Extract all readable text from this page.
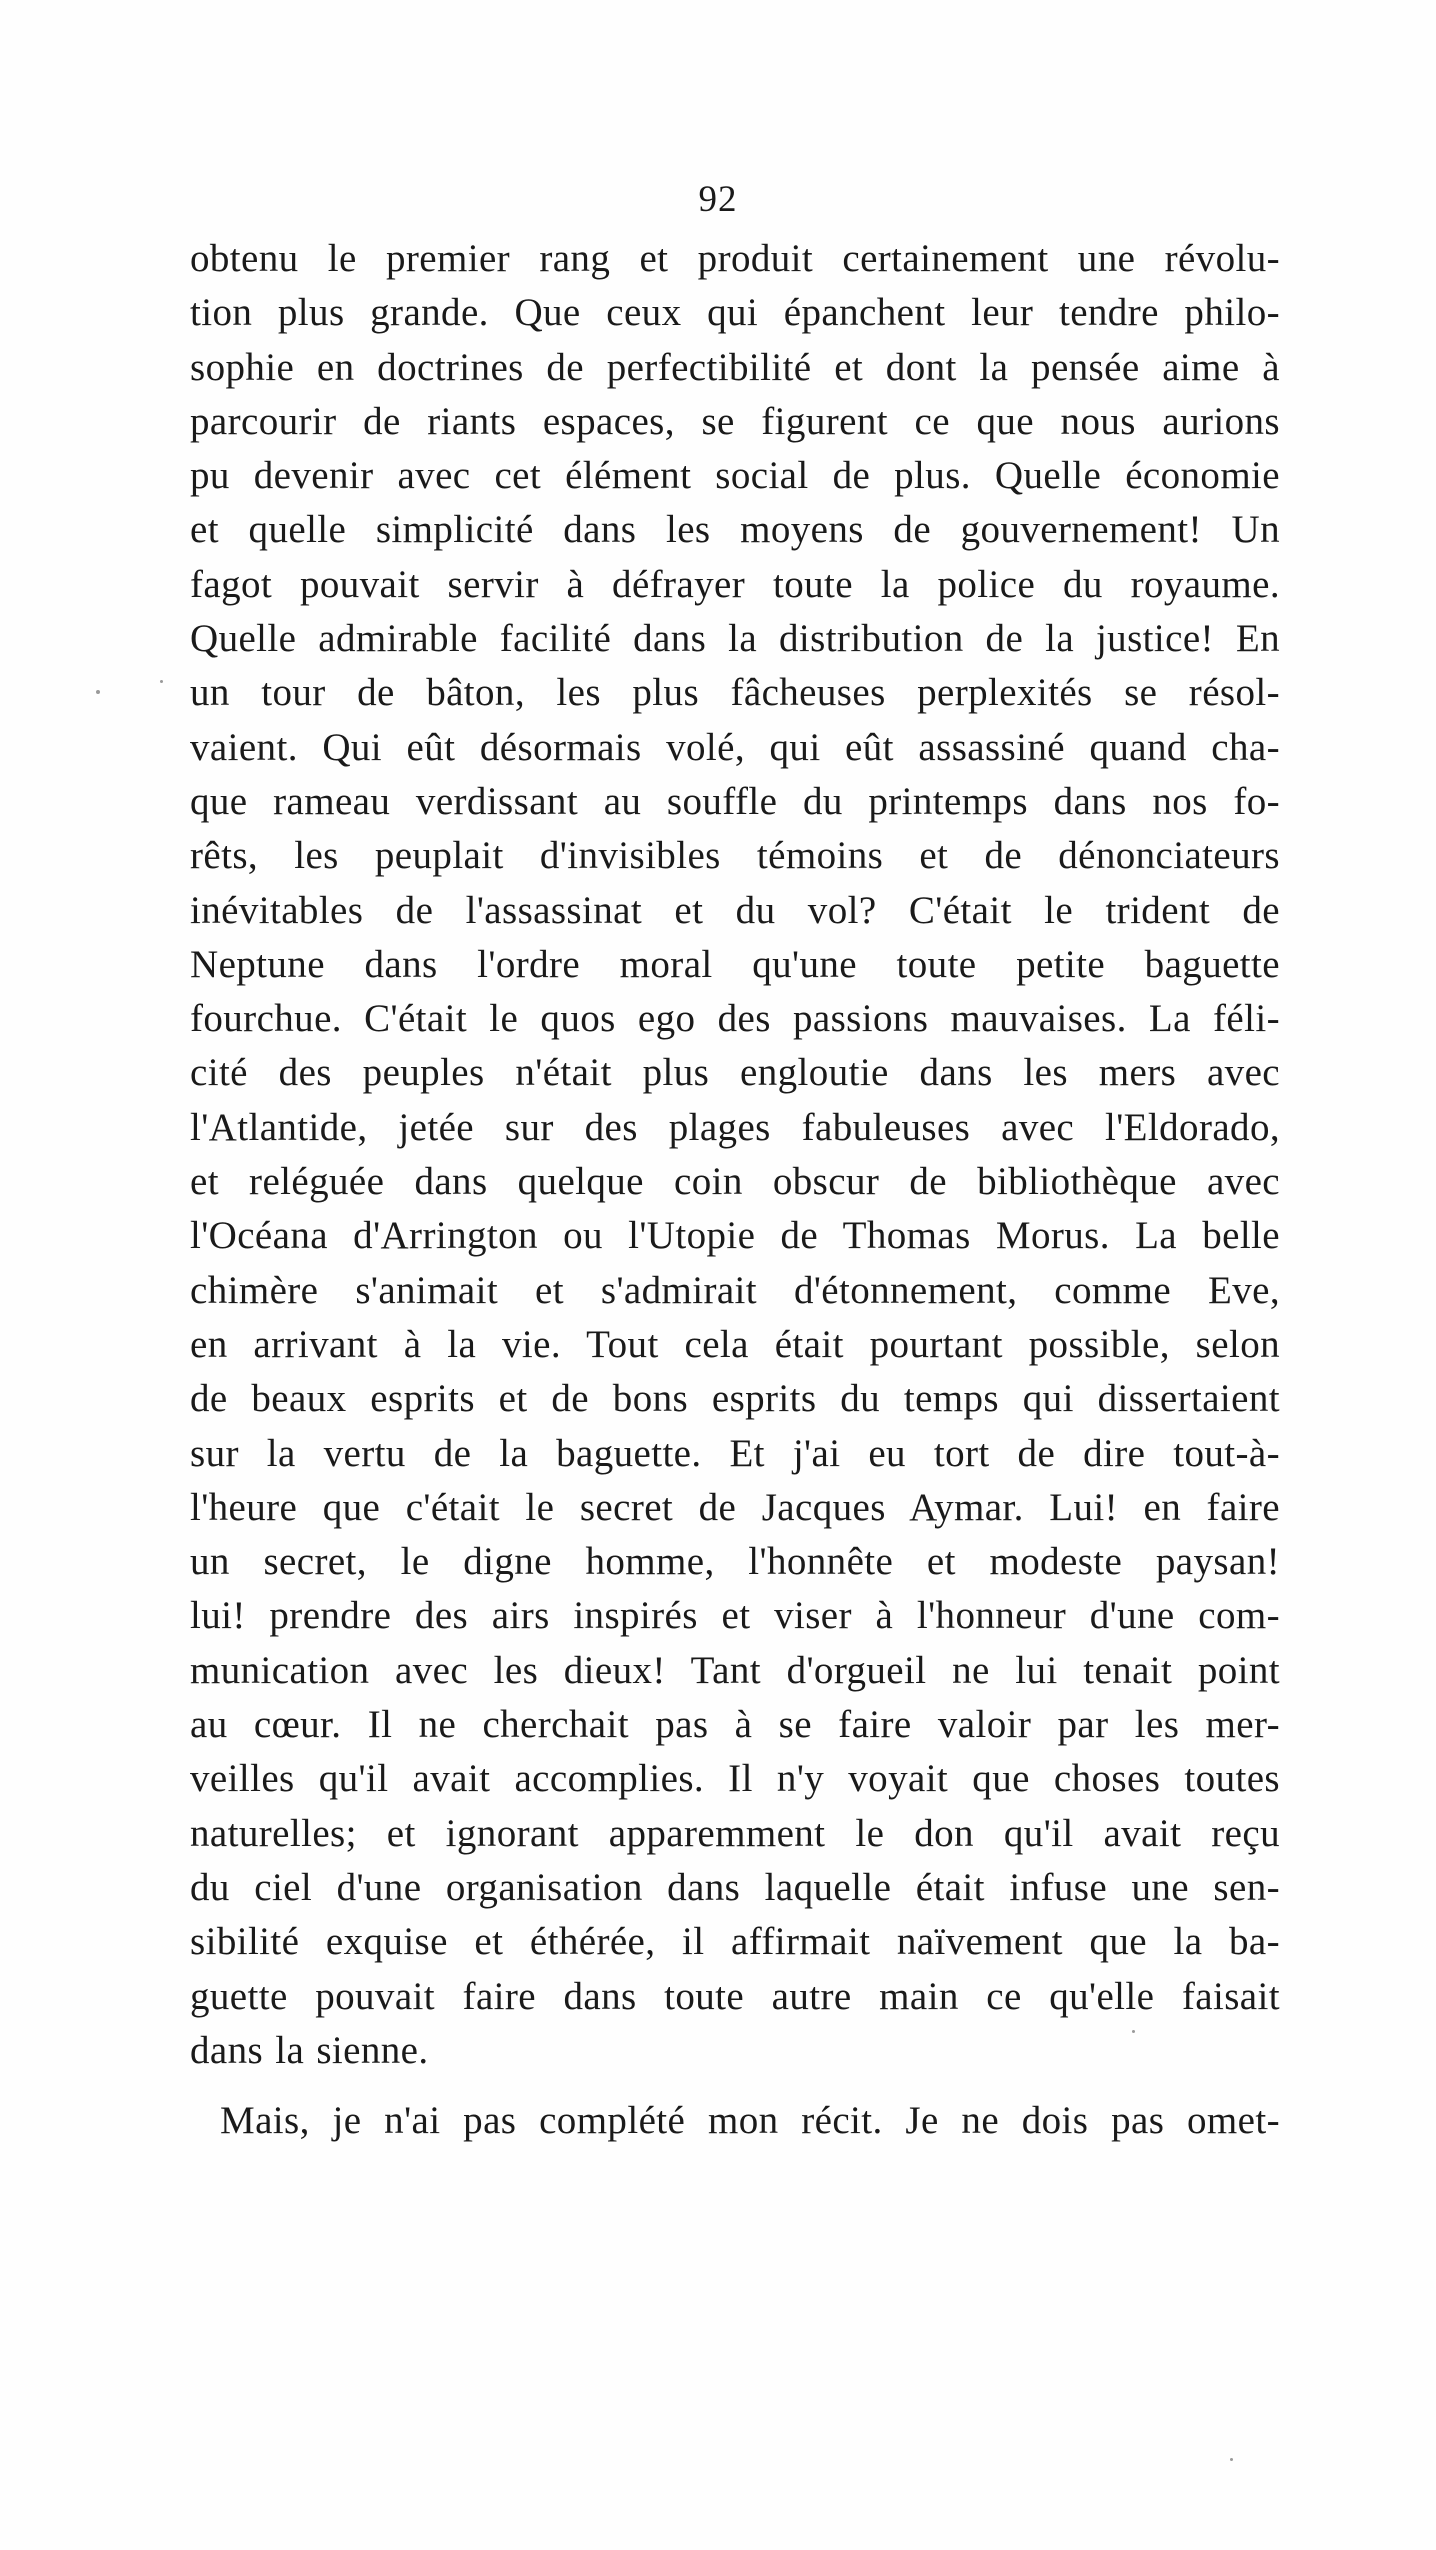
92
obtenu le premier rang et produit certainement une révolu-
tion plus grande. Que ceux qui épanchent leur tendre philo-
sophie en doctrines de perfectibilité et dont la pensée aime à
parcourir de riants espaces, se figurent ce que nous aurions
pu devenir avec cet élément social de plus. Quelle économie
et quelle simplicité dans les moyens de gouvernement! Un
fagot pouvait servir à défrayer toute la police du royaume.
Quelle admirable facilité dans la distribution de la justice! En
un tour de bâton, les plus fâcheuses perplexités se résol-
vaient. Qui eût désormais volé, qui eût assassiné quand cha-
que rameau verdissant au souffle du printemps dans nos fo-
rêts, les peuplait d'invisibles témoins et de dénonciateurs
inévitables de l'assassinat et du vol? C'était le trident de
Neptune dans l'ordre moral qu'une toute petite baguette
fourchue. C'était le quos ego des passions mauvaises. La féli-
cité des peuples n'était plus engloutie dans les mers avec
l'Atlantide, jetée sur des plages fabuleuses avec l'Eldorado,
et reléguée dans quelque coin obscur de bibliothèque avec
l'Océana d'Arrington ou l'Utopie de Thomas Morus. La belle
chimère s'animait et s'admirait d'étonnement, comme Eve,
en arrivant à la vie. Tout cela était pourtant possible, selon
de beaux esprits et de bons esprits du temps qui dissertaient
sur la vertu de la baguette. Et j'ai eu tort de dire tout-à-
l'heure que c'était le secret de Jacques Aymar. Lui! en faire
un secret, le digne homme, l'honnête et modeste paysan!
lui! prendre des airs inspirés et viser à l'honneur d'une com-
munication avec les dieux! Tant d'orgueil ne lui tenait point
au cœur. Il ne cherchait pas à se faire valoir par les mer-
veilles qu'il avait accomplies. Il n'y voyait que choses toutes
naturelles; et ignorant apparemment le don qu'il avait reçu
du ciel d'une organisation dans laquelle était infuse une sen-
sibilité exquise et éthérée, il affirmait naïvement que la ba-
guette pouvait faire dans toute autre main ce qu'elle faisait
dans la sienne.
Mais, je n'ai pas complété mon récit. Je ne dois pas omet-
